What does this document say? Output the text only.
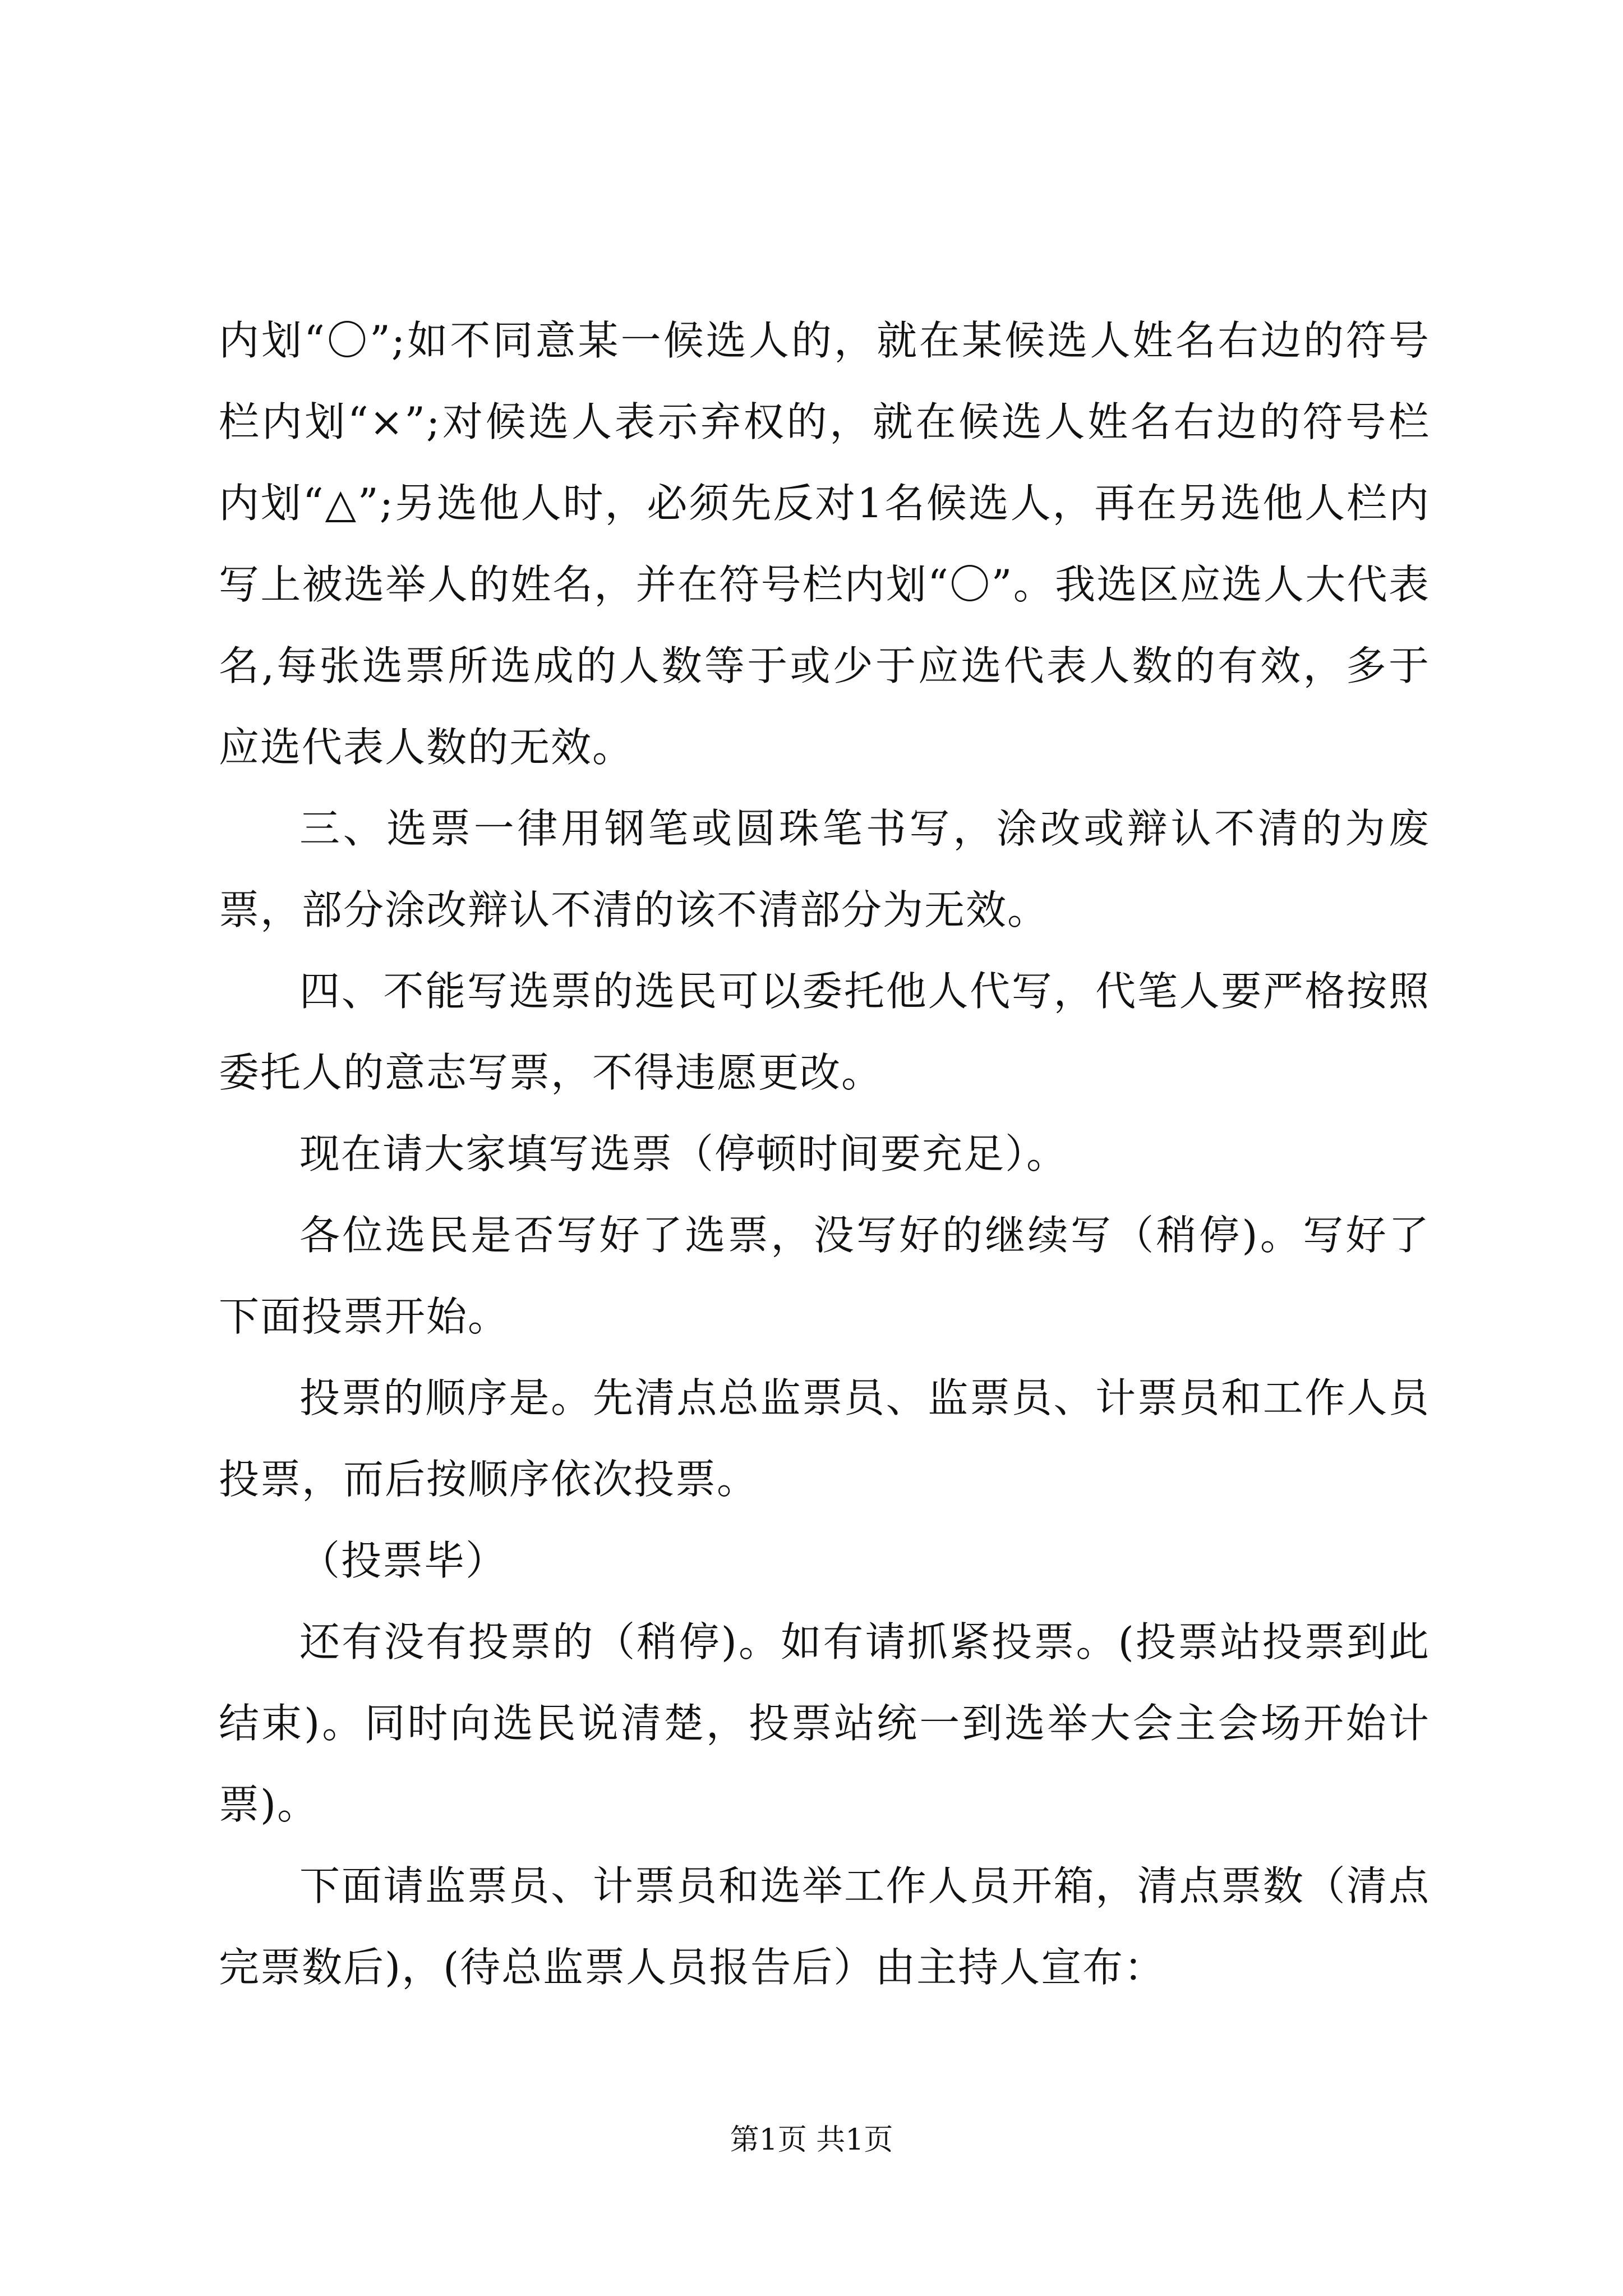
内划“〇”;如不同意某一候选人的，就在某候选人姓名右边的符号栏内划“×”;对候选人表示弃权的，就在候选人姓名右边的符号栏内划“△”;另选他人时，必须先反对1名候选人，再在另选他人栏内写上被选举人的姓名，并在符号栏内划“〇”。我选区应选人大代表名,每张选票所选成的人数等于或少于应选代表人数的有效，多于应选代表人数的无效。

三、选票一律用钢笔或圆珠笔书写，涂改或辩认不清的为废票，部分涂改辩认不清的该不清部分为无效。

四、不能写选票的选民可以委托他人代写，代笔人要严格按照委托人的意志写票，不得违愿更改。

现在请大家填写选票（停顿时间要充足）。

各位选民是否写好了选票，没写好的继续写（稍停)。写好了下面投票开始。

投票的顺序是。先清点总监票员、监票员、计票员和工作人员投票，而后按顺序依次投票。

（投票毕）

还有没有投票的（稍停)。如有请抓紧投票。(投票站投票到此结束)。同时向选民说清楚，投票站统一到选举大会主会场开始计票)。

下面请监票员、计票员和选举工作人员开箱，清点票数（清点完票数后)，(待总监票人员报告后）由主持人宣布：

第1页 共1页
